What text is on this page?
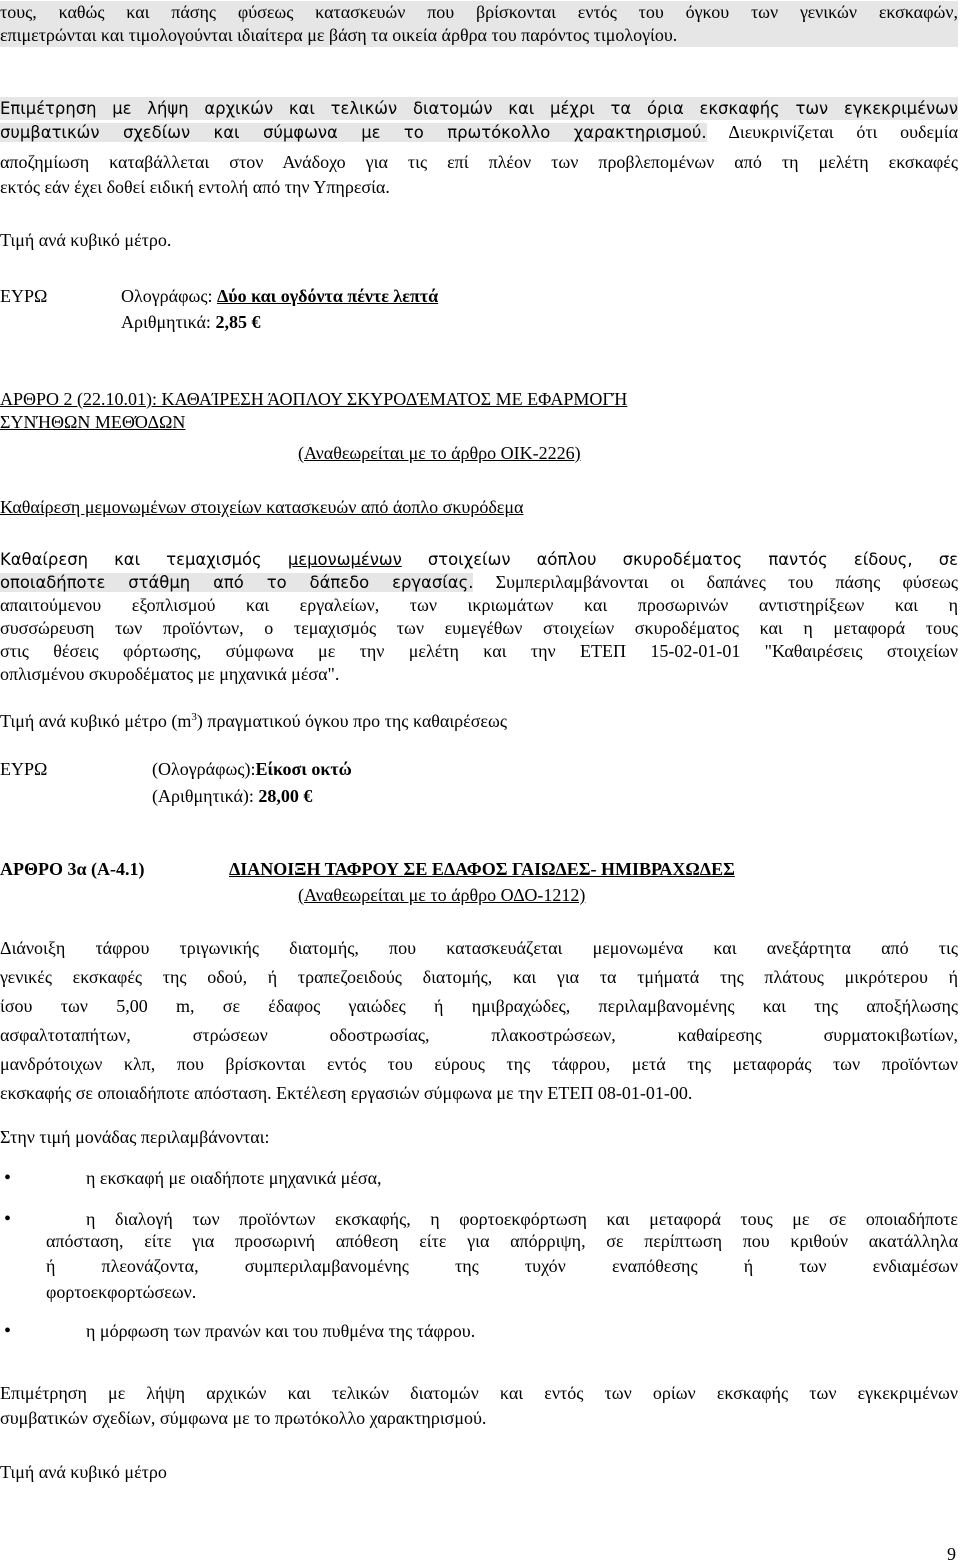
τους, καθώς και πάσης φύσεως κατασκευών που βρίσκονται εντός του όγκου των γενικών εκσκαφών,
επιμετρώνται και τιμολογούνται ιδιαίτερα με βάση τα οικεία άρθρα του παρόντος τιμολογίου.
Επιμέτρηση με λήψη αρχικών και τελικών διατομών και μέχρι τα όρια εκσκαφής των εγκεκριμένων
συμβατικών σχεδίων και σύμφωνα με το πρωτόκολλο χαρακτηρισμού. Διευκρινίζεται ότι ουδεμία
αποζημίωση καταβάλλεται στον Ανάδοχο για τις επί πλέον των προβλεπομένων από τη μελέτη εκσκαφές
εκτός εάν έχει δοθεί ειδική εντολή από την Υπηρεσία.
Τιμή ανά κυβικό μέτρο.
ΕΥΡΩ	Ολογράφως: Δύο και ογδόντα πέντε λεπτά
Αριθμητικά: 2,85 €
ΑΡΘΡΟ 2 (22.10.01): ΚΑΘΑΊΡΕΣΗ ΆΟΠΛΟΥ ΣΚΥΡΟΔΈΜΑΤΟΣ ΜΕ ΕΦΑΡΜΟΓΉ
ΣΥΝΉΘΩΝ ΜΕΘΌΔΩΝ
(Αναθεωρείται με το άρθρο ΟΙΚ-2226)
Καθαίρεση μεμονωμένων στοιχείων κατασκευών από άοπλο σκυρόδεμα
Καθαίρεση και τεμαχισμός μεμονωμένων στοιχείων αόπλου σκυροδέματος παντός είδους, σε
οποιαδήποτε στάθμη από το δάπεδο εργασίας. Συμπεριλαμβάνονται οι δαπάνες του πάσης φύσεως
απαιτούμενου εξοπλισμού και εργαλείων, των ικριωμάτων και προσωρινών αντιστηρίξεων και η
συσσώρευση των προϊόντων, ο τεμαχισμός των ευμεγέθων στοιχείων σκυροδέματος και η μεταφορά τους
στις θέσεις φόρτωσης, σύμφωνα με την μελέτη και την ΕΤΕΠ 15-02-01-01 "Καθαιρέσεις στοιχείων
οπλισμένου σκυροδέματος με μηχανικά μέσα".
Τιμή ανά κυβικό μέτρο $(m^3)$ πραγματικού όγκου προ της καθαιρέσεως
ΕΥΡΩ	(Ολογράφως):Είκοσι οκτώ
(Αριθμητικά): 28,00 €
ΑΡΘΡΟ 3α (Α-4.1)	ΔΙΑΝΟΙΞΗ ΤΑΦΡΟΥ ΣΕ ΕΔΑΦΟΣ ΓΑΙΩΔΕΣ- ΗΜΙΒΡΑΧΩΔΕΣ
(Αναθεωρείται με το άρθρο ΟΔΟ-1212)
Διάνοιξη τάφρου τριγωνικής διατομής, που κατασκευάζεται μεμονωμένα και ανεξάρτητα από τις
γενικές εκσκαφές της οδού, ή τραπεζοειδούς διατομής, και για τα τμήματά της πλάτους μικρότερου ή
ίσου των 5,00 m, σε έδαφος γαιώδες ή ημιβραχώδες, περιλαμβανομένης και της αποξήλωσης
ασφαλτοταπήτων, στρώσεων οδοστρωσίας, πλακοστρώσεων, καθαίρεσης συρματοκιβωτίων,
μανδρότοιχων κλπ, που βρίσκονται εντός του εύρους της τάφρου, μετά της μεταφοράς των προϊόντων
εκσκαφής σε οποιαδήποτε απόσταση. Εκτέλεση εργασιών σύμφωνα με την ΕΤΕΠ 08-01-01-00.
Στην τιμή μονάδας περιλαμβάνονται:
•	η εκσκαφή με οιαδήποτε μηχανικά μέσα,
•	η διαλογή των προϊόντων εκσκαφής, η φορτοεκφόρτωση και μεταφορά τους με σε οποιαδήποτε
απόσταση, είτε για προσωρινή απόθεση είτε για απόρριψη, σε περίπτωση που κριθούν ακατάλληλα
ή πλεονάζοντα, συμπεριλαμβανομένης της τυχόν εναπόθεσης ή των ενδιαμέσων
φορτοεκφορτώσεων.
•	η μόρφωση των πρανών και του πυθμένα της τάφρου.
Επιμέτρηση με λήψη αρχικών και τελικών διατομών και εντός των ορίων εκσκαφής των εγκεκριμένων
συμβατικών σχεδίων, σύμφωνα με το πρωτόκολλο χαρακτηρισμού.
Τιμή ανά κυβικό μέτρο
9
